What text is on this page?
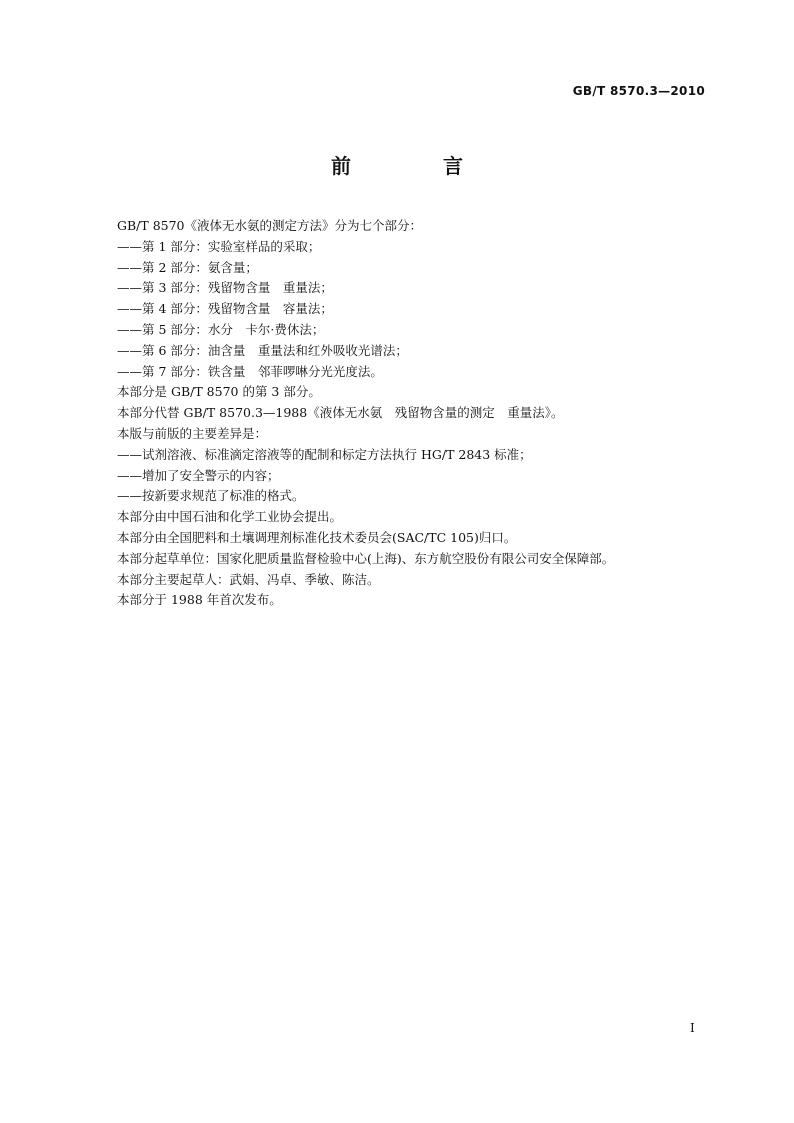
GB/T 8570.3—2010
前　言
GB/T 8570《液体无水氨的测定方法》分为七个部分：
——第 1 部分：实验室样品的采取；
——第 2 部分：氨含量；
——第 3 部分：残留物含量　重量法；
——第 4 部分：残留物含量　容量法；
——第 5 部分：水分　卡尔·费休法；
——第 6 部分：油含量　重量法和红外吸收光谱法；
——第 7 部分：铁含量　邻菲啰啉分光光度法。
本部分是 GB/T 8570 的第 3 部分。
本部分代替 GB/T 8570.3—1988《液体无水氨　残留物含量的测定　重量法》。
本版与前版的主要差异是：
——试剂溶液、标准滴定溶液等的配制和标定方法执行 HG/T 2843 标准；
——增加了安全警示的内容；
——按新要求规范了标准的格式。
本部分由中国石油和化学工业协会提出。
本部分由全国肥料和土壤调理剂标准化技术委员会(SAC/TC 105)归口。
本部分起草单位：国家化肥质量监督检验中心(上海)、东方航空股份有限公司安全保障部。
本部分主要起草人：武娟、冯卓、季敏、陈洁。
本部分于 1988 年首次发布。
I
